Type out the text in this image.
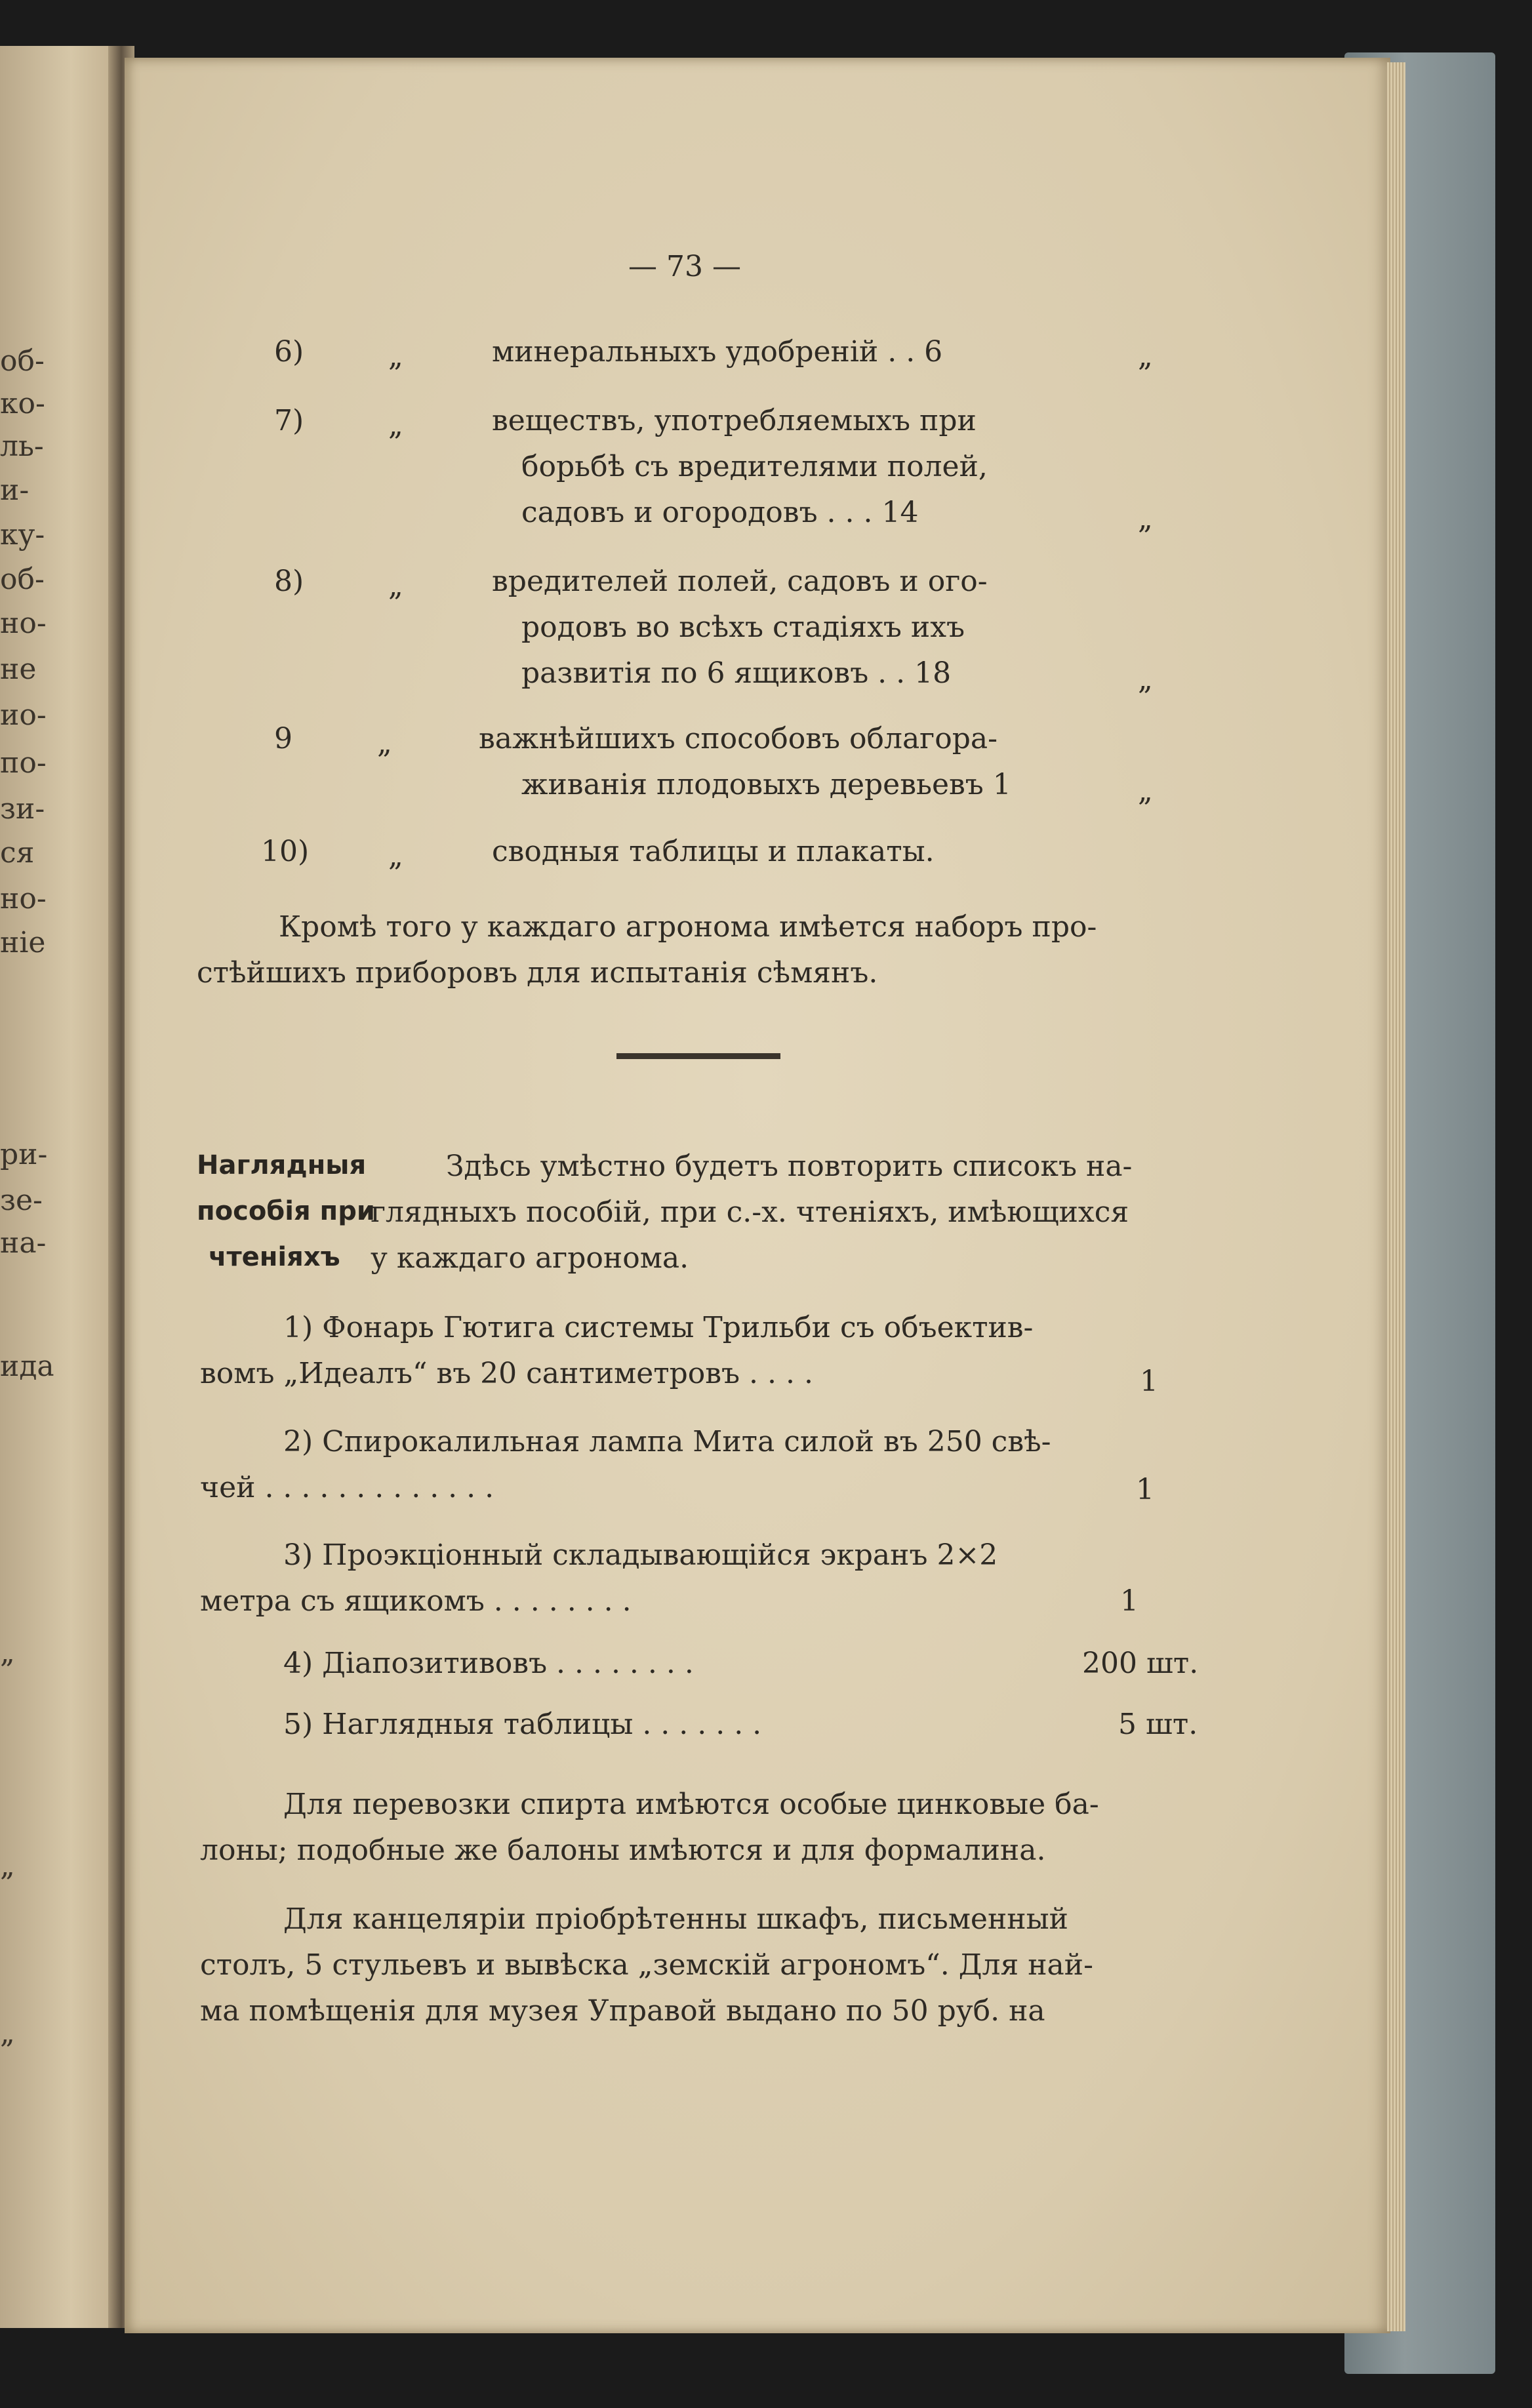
об-
ко-
ль-
и-
ку-
об-
но-
не
ио-
по-
зи-
ся
но-
ніе
ри-
зе-
на-
ида
„
„
„
— 73 —
6)	„	минеральныхъ удобреній . . 6	„
7)	„	веществъ, употребляемыхъ при
борьбѣ съ вредителями полей,
садовъ и огородовъ . . . 14	„
8)	„	вредителей полей, садовъ и ого-
родовъ во всѣхъ стадіяхъ ихъ
развитія по 6 ящиковъ . . 18	„
9	„	важнѣйшихъ способовъ облагора-
живанія плодовыхъ деревьевъ 1	„
10)	„	сводныя таблицы и плакаты.
Кромѣ того у каждаго агронома имѣется наборъ про-
стѣйшихъ приборовъ для испытанія сѣмянъ.
Наглядныя
пособія при
чтеніяхъ
Здѣсь умѣстно будетъ повторить списокъ на-
глядныхъ пособій, при с.-х. чтеніяхъ, имѣющихся
у каждаго агронома.
1) Фонарь Гютига системы Трильби съ объектив-
вомъ „Идеалъ“ въ 20 сантиметровъ . . . .	1
2) Спирокалильная лампа Мита силой въ 250 свѣ-
чей . . . . . . . . . . . . .	1
3) Проэкціонный складывающійся экранъ 2×2
метра съ ящикомъ . . . . . . . .	1
4) Діапозитивовъ . . . . . . . .	200 шт.
5) Наглядныя таблицы . . . . . . .	5 шт.
Для перевозки спирта имѣются особые цинковые ба-
лоны; подобные же балоны имѣются и для формалина.
Для канцеляріи пріобрѣтенны шкафъ, письменный
столъ, 5 стульевъ и вывѣска „земскій агрономъ“. Для най-
ма помѣщенія для музея Управой выдано по 50 руб. на
